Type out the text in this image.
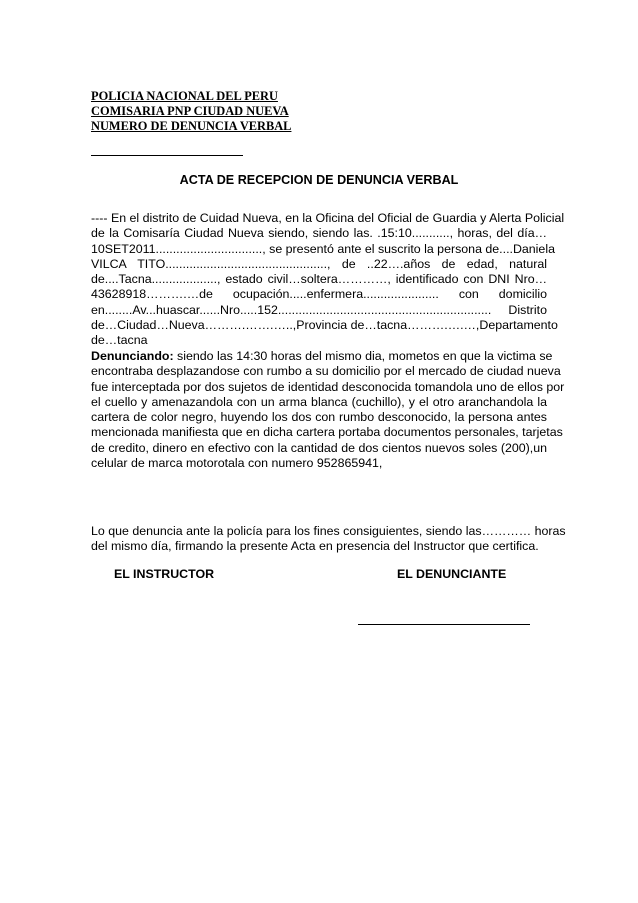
POLICIA NACIONAL DEL PERU
COMISARIA PNP CIUDAD NUEVA
NUMERO DE DENUNCIA VERBAL
ACTA DE RECEPCION DE DENUNCIA VERBAL
---- En el distrito de Cuidad Nueva, en la Oficina del Oficial de Guardia y Alerta Policial
de la Comisaría Ciudad Nueva siendo, siendo las. .15:10..........., horas, del día…
10SET2011..............................., se presentó ante el suscrito la persona de....Daniela
VILCA TITO..............................................., de ..22….años de edad, natural
de....Tacna..................., estado civil…soltera…………, identificado con DNI Nro…
43628918……….…de ocupación.....enfermera...................... con domicilio
en........Av...huascar......Nro.....152.............................................................. Distrito
de…Ciudad…Nueva……….…….…..,Provincia de…tacna……….….…,Departamento
de…tacna
Denunciando: siendo las 14:30 horas del mismo dia, mometos en que la victima se
encontraba desplazandose con rumbo a su domicilio por el mercado de ciudad nueva
fue interceptada por dos sujetos de identidad desconocida tomandola uno de ellos por
el cuello y amenazandola con un arma blanca (cuchillo), y el otro aranchandola la
cartera de color negro, huyendo los dos con rumbo desconocido, la persona antes
mencionada manifiesta que en dicha cartera portaba documentos personales, tarjetas
de credito, dinero en efectivo con la cantidad de dos cientos nuevos soles (200),un
celular de marca motorotala con numero 952865941,
Lo que denuncia ante la policía para los fines consiguientes, siendo las………… horas
del mismo día, firmando la presente Acta en presencia del Instructor que certifica.
EL INSTRUCTOR	EL DENUNCIANTE
